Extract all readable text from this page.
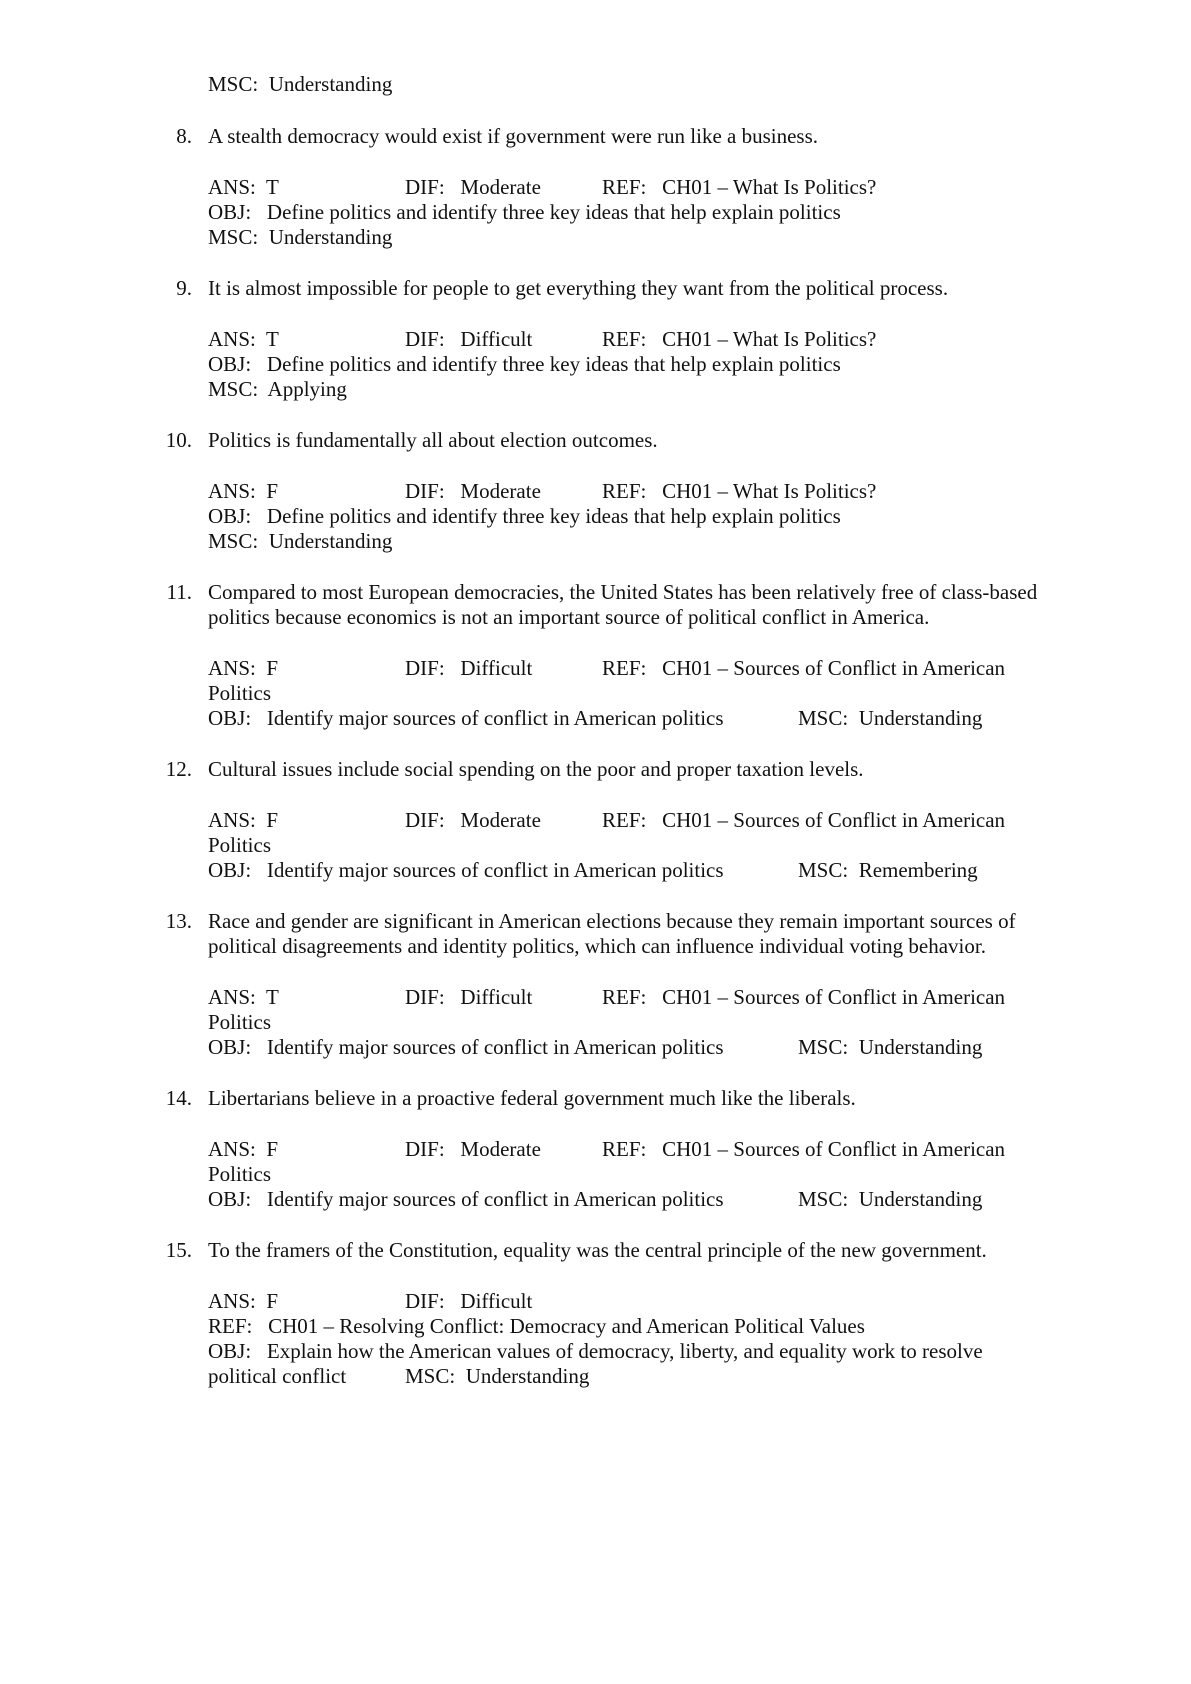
MSC:  Understanding
8. A stealth democracy would exist if government were run like a business.
ANS:  T	DIF:   Moderate	REF:   CH01 – What Is Politics?
OBJ:   Define politics and identify three key ideas that help explain politics
MSC:  Understanding
9. It is almost impossible for people to get everything they want from the political process.
ANS:  T	DIF:   Difficult	REF:   CH01 – What Is Politics?
OBJ:   Define politics and identify three key ideas that help explain politics
MSC:  Applying
10. Politics is fundamentally all about election outcomes.
ANS:  F	DIF:   Moderate	REF:   CH01 – What Is Politics?
OBJ:   Define politics and identify three key ideas that help explain politics
MSC:  Understanding
11. Compared to most European democracies, the United States has been relatively free of class-based
politics because economics is not an important source of political conflict in America.
ANS:  F	DIF:   Difficult	REF:   CH01 – Sources of Conflict in American
Politics
OBJ:   Identify major sources of conflict in American politics	MSC:  Understanding
12. Cultural issues include social spending on the poor and proper taxation levels.
ANS:  F	DIF:   Moderate	REF:   CH01 – Sources of Conflict in American
Politics
OBJ:   Identify major sources of conflict in American politics	MSC:  Remembering
13. Race and gender are significant in American elections because they remain important sources of
political disagreements and identity politics, which can influence individual voting behavior.
ANS:  T	DIF:   Difficult	REF:   CH01 – Sources of Conflict in American
Politics
OBJ:   Identify major sources of conflict in American politics	MSC:  Understanding
14. Libertarians believe in a proactive federal government much like the liberals.
ANS:  F	DIF:   Moderate	REF:   CH01 – Sources of Conflict in American
Politics
OBJ:   Identify major sources of conflict in American politics	MSC:  Understanding
15. To the framers of the Constitution, equality was the central principle of the new government.
ANS:  F	DIF:   Difficult
REF:   CH01 – Resolving Conflict: Democracy and American Political Values
OBJ:   Explain how the American values of democracy, liberty, and equality work to resolve
political conflict	MSC:  Understanding
